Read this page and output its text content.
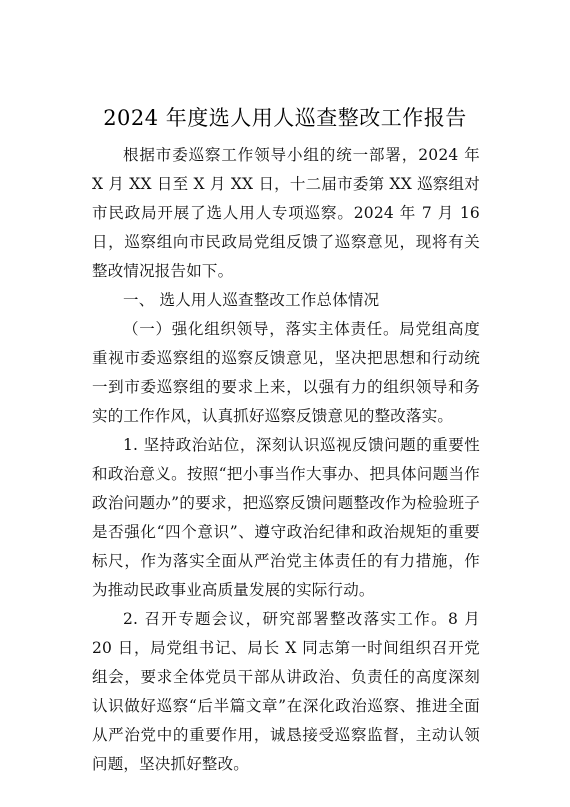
2024 年度选人用人巡查整改工作报告

根据市委巡察工作领导小组的统一部署，2024 年 X 月 XX 日至 X 月 XX 日，十二届市委第 XX 巡察组对市民政局开展了选人用人专项巡察。2024 年 7 月 16 日，巡察组向市民政局党组反馈了巡察意见，现将有关整改情况报告如下。

一、 选人用人巡查整改工作总体情况

（一）强化组织领导，落实主体责任。局党组高度重视市委巡察组的巡察反馈意见，坚决把思想和行动统一到市委巡察组的要求上来，以强有力的组织领导和务实的工作作风，认真抓好巡察反馈意见的整改落实。

1. 坚持政治站位，深刻认识巡视反馈问题的重要性和政治意义。按照“把小事当作大事办、把具体问题当作政治问题办”的要求，把巡察反馈问题整改作为检验班子是否强化“四个意识”、遵守政治纪律和政治规矩的重要标尺，作为落实全面从严治党主体责任的有力措施，作为推动民政事业高质量发展的实际行动。

2. 召开专题会议，研究部署整改落实工作。8 月 20 日，局党组书记、局长 X 同志第一时间组织召开党组会，要求全体党员干部从讲政治、负责任的高度深刻认识做好巡察“后半篇文章”在深化政治巡察、推进全面从严治党中的重要作用，诚恳接受巡察监督，主动认领问题，坚决抓好整改。
